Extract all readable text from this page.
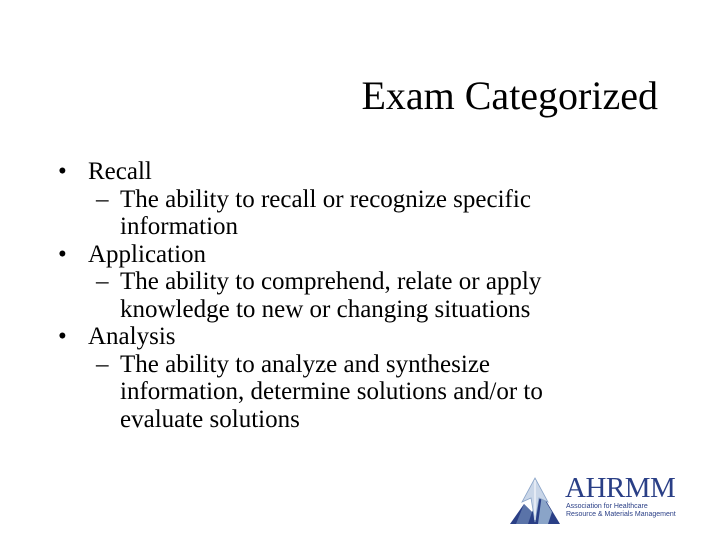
Exam Categorized
• Recall
– The ability to recall or recognize specific
information
• Application
– The ability to comprehend, relate or apply
knowledge to new or changing situations
• Analysis
– The ability to analyze and synthesize
information, determine solutions and/or to
evaluate solutions
AHRMM
Association for Healthcare
Resource & Materials Management
